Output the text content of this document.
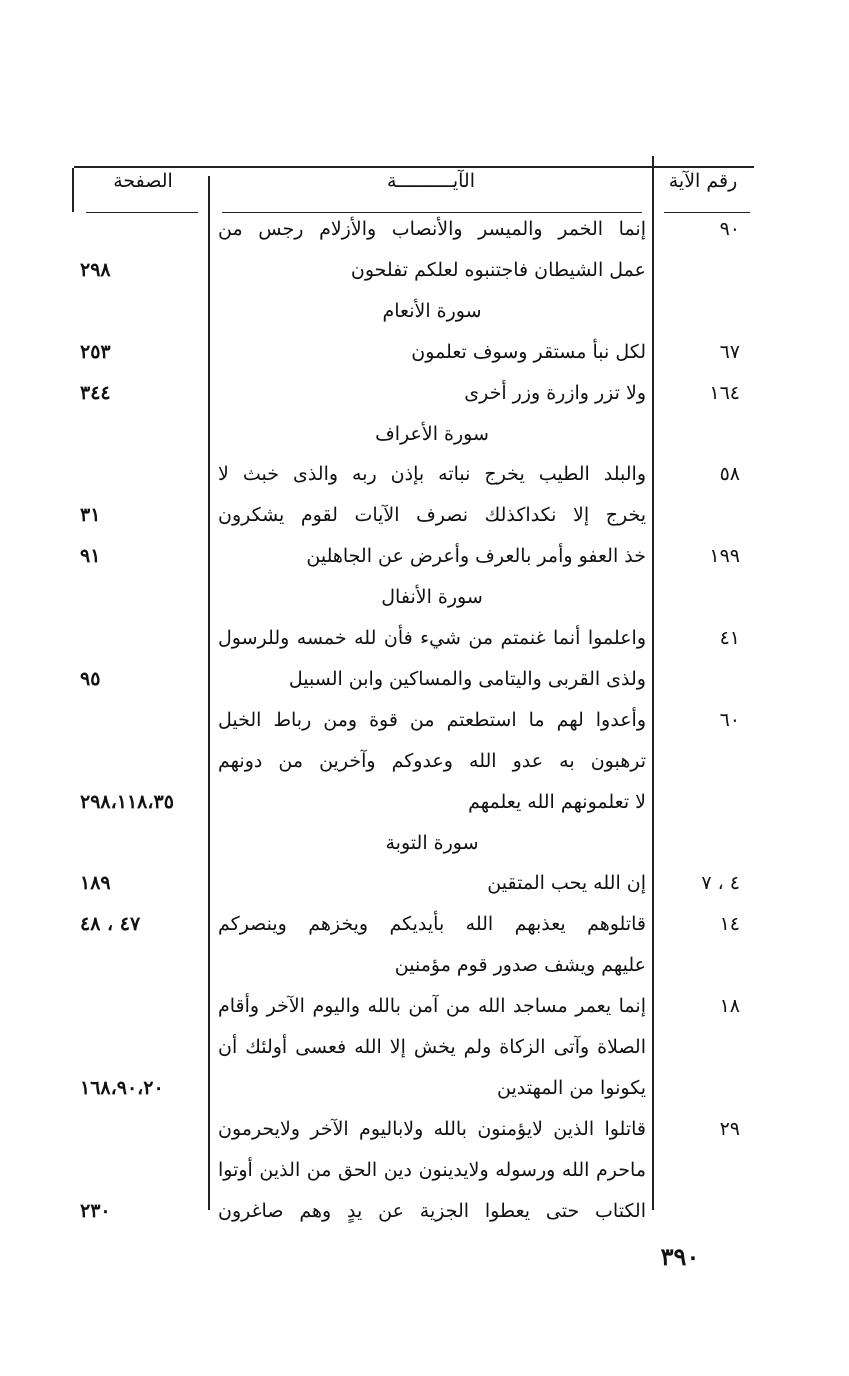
رقم الآية
الآيــــــــــة
الصفحة
٩٠
إنما الخمر والميسر والأنصاب والأزلام رجس من
عمل الشيطان فاجتنبوه لعلكم تفلحون
٢٩٨
سورة الأنعام
٦٧
لكل نبأ مستقر وسوف تعلمون
٢٥٣
١٦٤
ولا تزر وازرة وزر أخرى
٣٤٤
سورة الأعراف
٥٨
والبلد الطيب يخرج نباته بإذن ربه والذى خبث لا
يخرج إلا نكداكذلك نصرف الآيات لقوم يشكرون
٣١
١٩٩
خذ العفو وأمر بالعرف وأعرض عن الجاهلين
٩١
سورة الأنفال
٤١
واعلموا أنما غنمتم من شيء فأن لله خمسه وللرسول
ولذى القربى واليتامى والمساكين وابن السبيل
٩٥
٦٠
وأعدوا لهم ما استطعتم من قوة ومن رباط الخيل
ترهبون به عدو الله وعدوكم وآخرين من دونهم
لا تعلمونهم الله يعلمهم
٢٩٨،١١٨،٣٥
سورة التوبة
٤ ، ٧
إن الله يحب المتقين
١٨٩
١٤
قاتلوهم يعذبهم الله بأيديكم ويخزهم وينصركم
٤٧ ، ٤٨
عليهم ويشف صدور قوم مؤمنين
١٨
إنما يعمر مساجد الله من آمن بالله واليوم الآخر وأقام
الصلاة وآتى الزكاة ولم يخش إلا الله فعسى أولئك أن
يكونوا من المهتدين
١٦٨،٩٠،٢٠
٢٩
قاتلوا الذين لايؤمنون بالله ولاباليوم الآخر ولايحرمون
ماحرم الله ورسوله ولايدينون دين الحق من الذين أوتوا
الكتاب حتى يعطوا الجزية عن يدٍ وهم صاغرون
٢٣٠
٣٩٠
